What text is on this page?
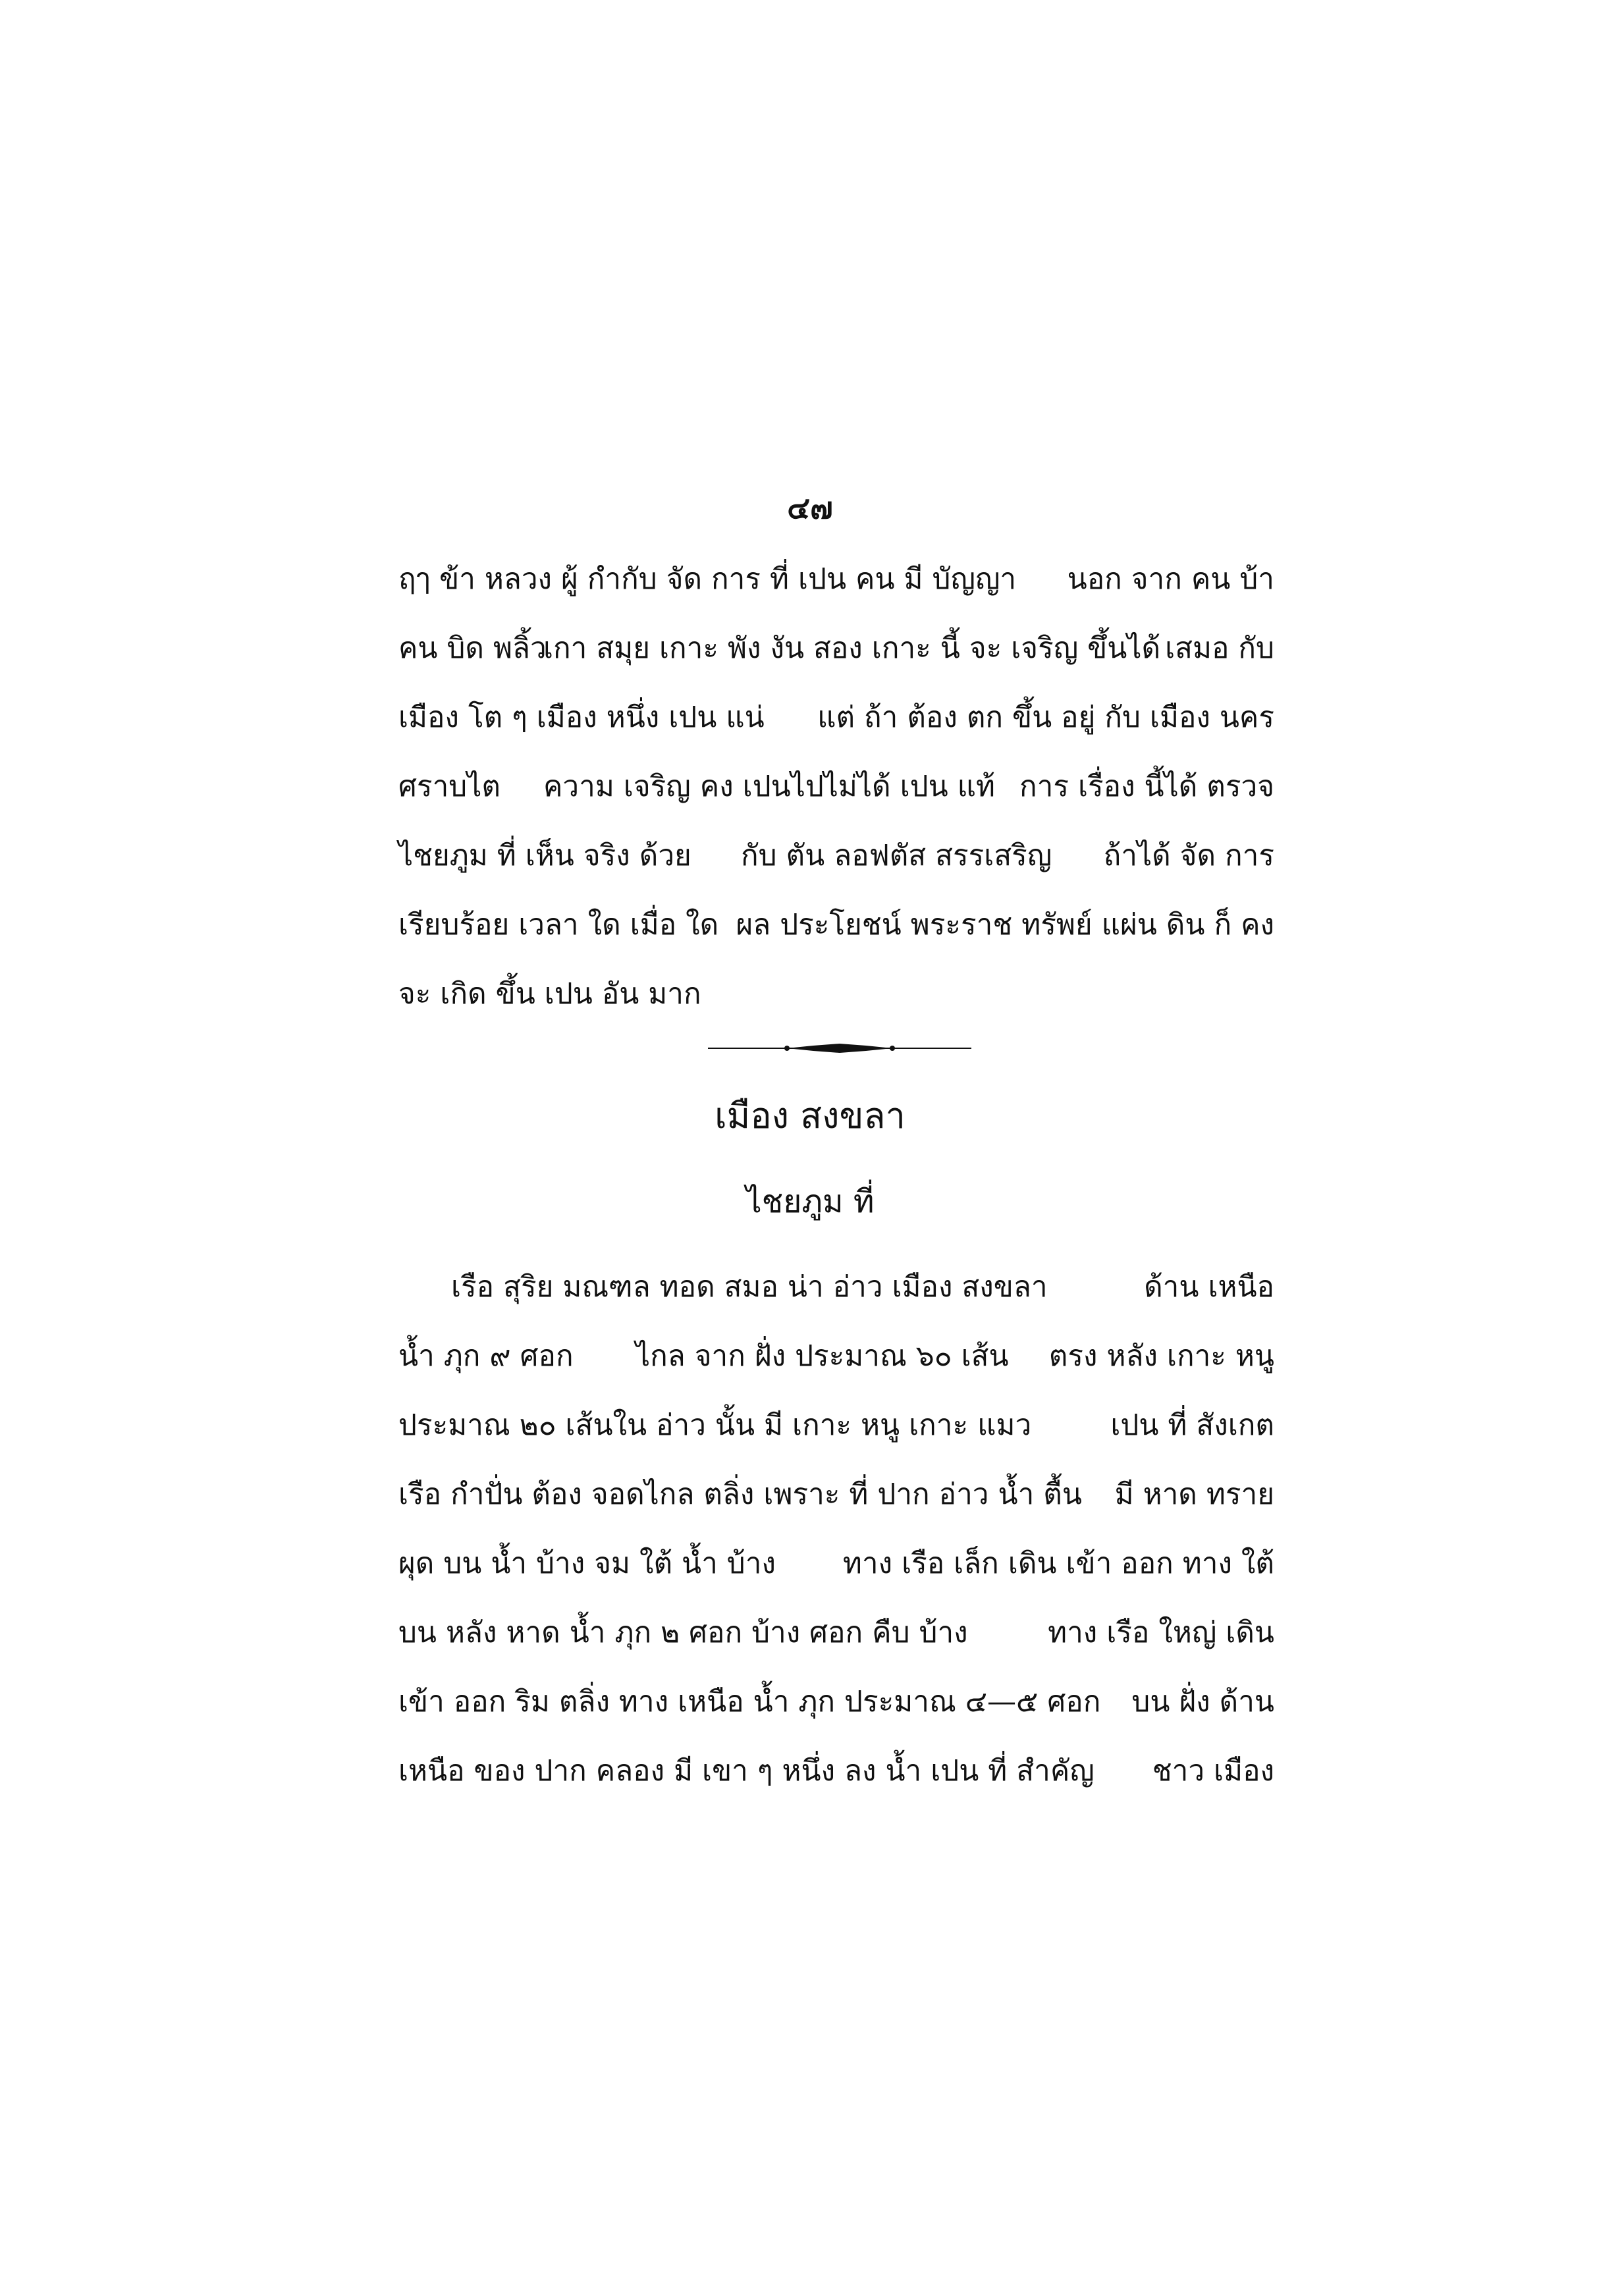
๔๗
ฤๅ ข้า หลวง ผู้ กำกับ จัด การ ที่ เปน คน มี บัญญา นอก จาก คน บ้า
คน บิด พลิ้ว
เกา สมุย เกาะ พัง งัน สอง เกาะ นี้ จะ เจริญ ขึ้นได้ เสมอ กับ
เมือง โต ๆ เมือง หนึ่ง เปน แน่ แต่ ถ้า ต้อง ตก ขึ้น อยู่ กับ เมือง นคร
ศราบไต ความ เจริญ คง เปนไปไม่ได้ เปน แท้ การ เรื่อง นี้ได้ ตรวจ
ไชยภูม ที่ เห็น จริง ด้วย กับ ตัน ลอฟตัส สรรเสริญ ถ้าได้ จัด การ
เรียบร้อย เวลา ใด เมื่อ ใด ผล ประโยชน์ พระราช ทรัพย์ แผ่น ดิน ก็ คง
จะ เกิด ขึ้น เปน อัน มาก
เมือง สงขลา
ไชยภูม ที่
เรือ สุริย มณฑล ทอด สมอ น่า อ่าว เมือง สงขลา	ด้าน เหนือ
น้ำ ภุก ๙ ศอก ไกล จาก ฝั่ง ประมาณ ๖๐ เส้น ตรง หลัง เกาะ หนู
ประมาณ ๒๐ เส้นใน อ่าว นั้น มี เกาะ หนู เกาะ แมว	เปน ที่ สังเกต
เรือ กำปั่น ต้อง จอดไกล ตลิ่ง เพราะ ที่ ปาก อ่าว น้ำ ตื้น มี หาด ทราย
ผุด บน น้ำ บ้าง จม ใต้ น้ำ บ้าง ทาง เรือ เล็ก เดิน เข้า ออก ทาง ใต้
บน หลัง หาด น้ำ ภุก ๒ ศอก บ้าง ศอก คืบ บ้าง	ทาง เรือ ใหญ่ เดิน
เข้า ออก ริม ตลิ่ง ทาง เหนือ น้ำ ภุก ประมาณ ๔—๕ ศอก บน ฝั่ง ด้าน
เหนือ ของ ปาก คลอง มี เขา ๆ หนึ่ง ลง น้ำ เปน ที่ สำคัญ ชาว เมือง
